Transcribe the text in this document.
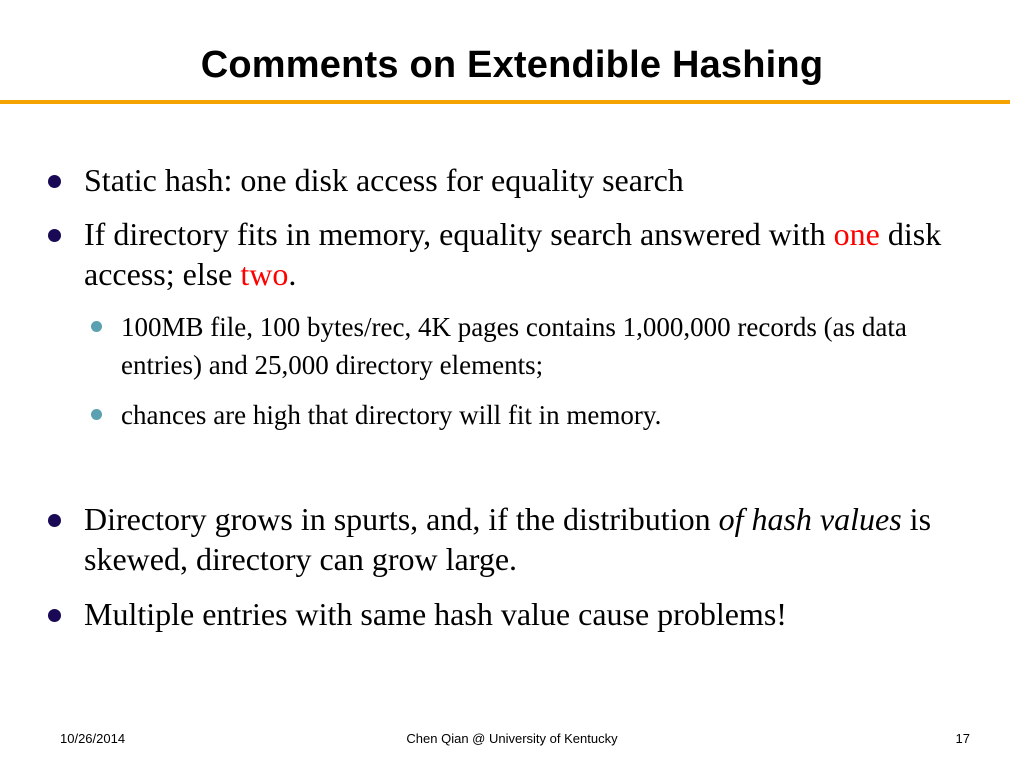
Comments on Extendible Hashing
Static hash: one disk access for equality search
If directory fits in memory, equality search answered with one disk access; else two.
100MB file, 100 bytes/rec, 4K pages contains 1,000,000 records (as data entries) and 25,000 directory elements;
chances are high that directory will fit in memory.
Directory grows in spurts, and, if the distribution of hash values is skewed, directory can grow large.
Multiple entries with same hash value cause problems!
10/26/2014	Chen Qian @ University of Kentucky	17
